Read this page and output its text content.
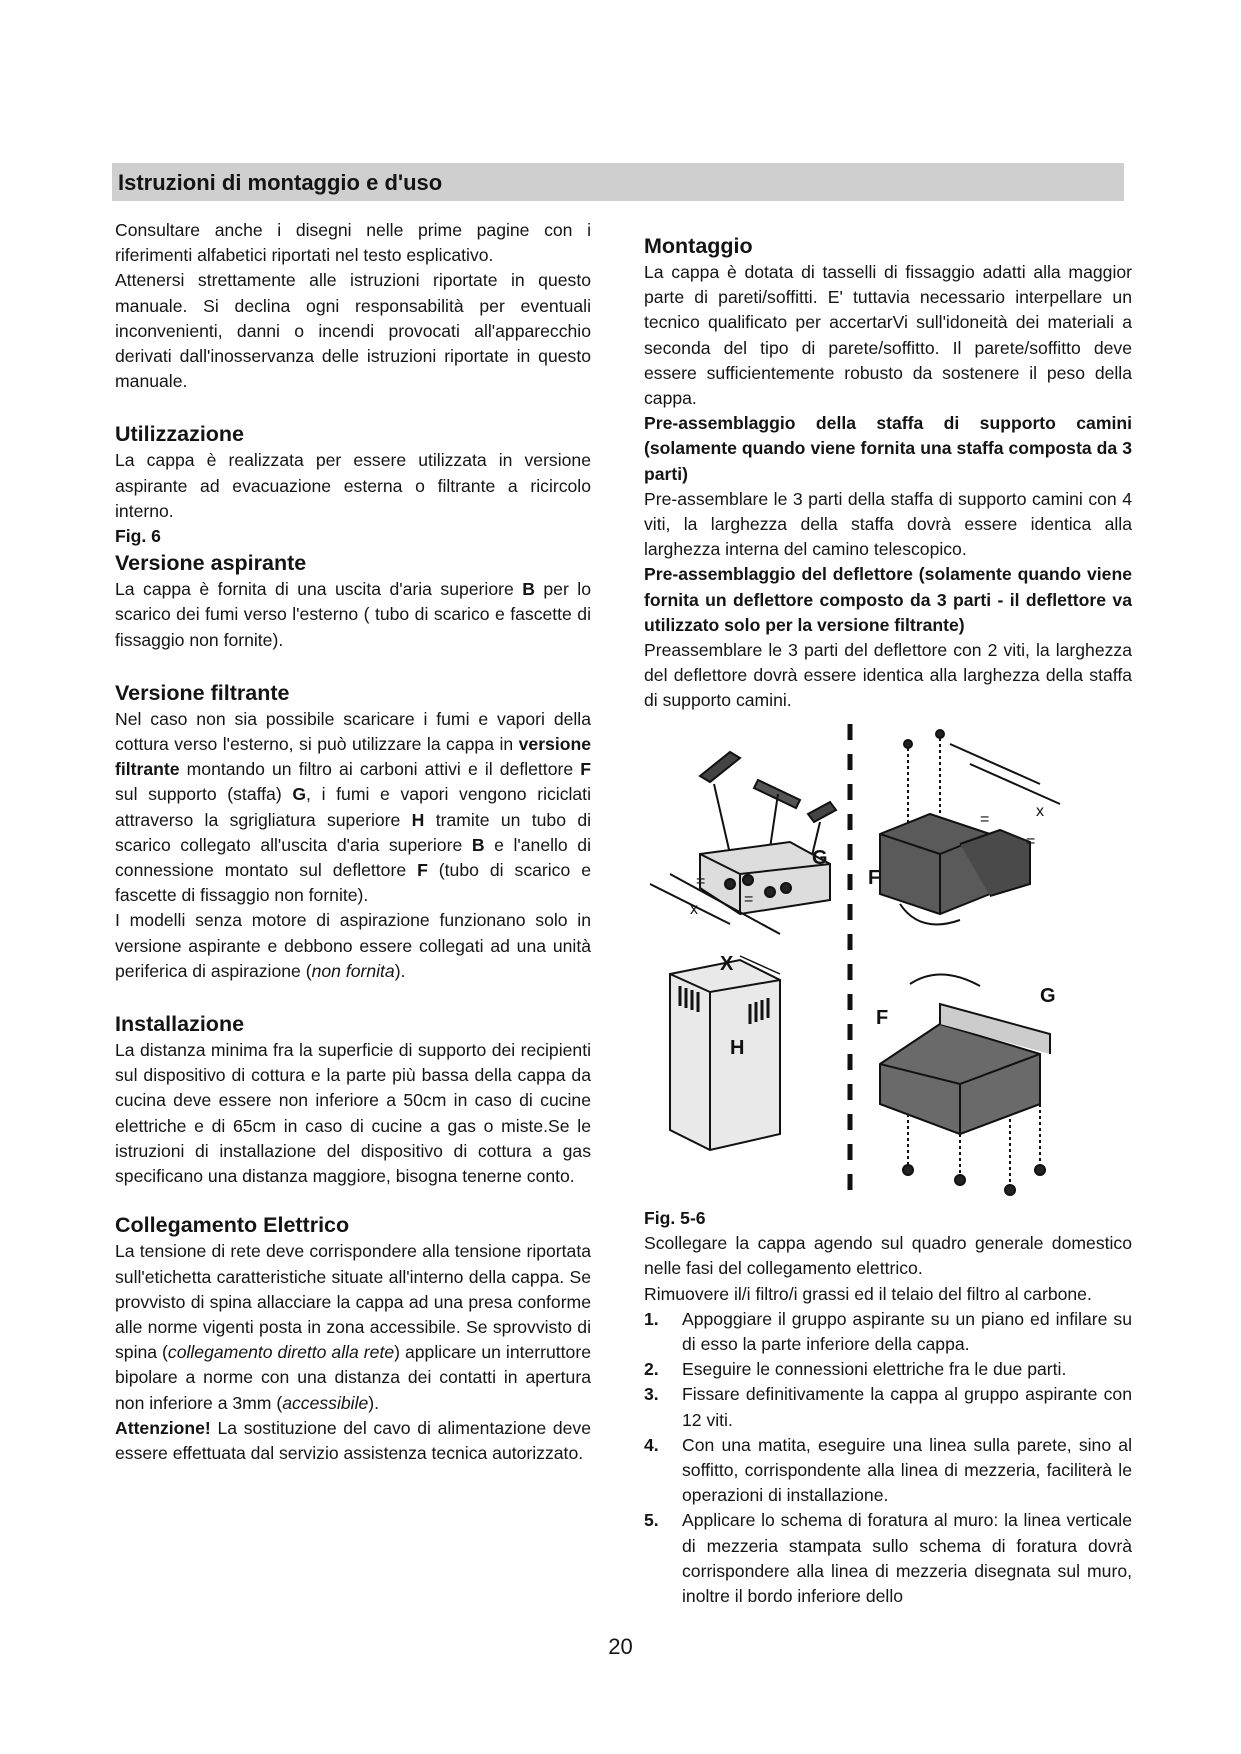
Istruzioni di montaggio e d'uso

Consultare anche i disegni nelle prime pagine con i riferimenti alfabetici riportati nel testo esplicativo.

Attenersi strettamente alle istruzioni riportate in questo manuale. Si declina ogni responsabilità per eventuali inconvenienti, danni o incendi provocati all'apparecchio derivati dall'inosservanza delle istruzioni riportate in questo manuale.

Utilizzazione

La cappa è realizzata per essere utilizzata in versione aspirante ad evacuazione esterna o filtrante a ricircolo interno.

Fig. 6
Versione aspirante

La cappa è fornita di una uscita d'aria superiore B per lo scarico dei fumi verso l'esterno ( tubo di scarico e fascette di fissaggio non fornite).

Versione filtrante

Nel caso non sia possibile scaricare i fumi e vapori della cottura verso l'esterno, si può utilizzare la cappa in versione filtrante montando un filtro ai carboni attivi e il deflettore F sul supporto (staffa) G, i fumi e vapori vengono riciclati attraverso la sgrigliatura superiore H tramite un tubo di scarico collegato all'uscita d'aria superiore B e l'anello di connessione montato sul deflettore F (tubo di scarico e fascette di fissaggio non fornite).

I modelli senza motore di aspirazione funzionano solo in versione aspirante e debbono essere collegati ad una unità periferica di aspirazione (non fornita).

Installazione

La distanza minima fra la superficie di supporto dei recipienti sul dispositivo di cottura e la parte più bassa della cappa da cucina deve essere non inferiore a 50cm in caso di cucine elettriche e di 65cm in caso di cucine a gas o miste.Se le istruzioni di installazione del dispositivo di cottura a gas specificano una distanza maggiore, bisogna tenerne conto.

Collegamento Elettrico

La tensione di rete deve corrispondere alla tensione riportata sull'etichetta caratteristiche situate all'interno della cappa. Se provvisto di spina allacciare la cappa ad una presa conforme alle norme vigenti posta in zona accessibile. Se sprovvisto di spina (collegamento diretto alla rete) applicare un interruttore bipolare a norme con una distanza dei contatti in apertura non inferiore a 3mm (accessibile).

Attenzione! La sostituzione del cavo di alimentazione deve essere effettuata dal servizio assistenza tecnica autorizzato.

Montaggio

La cappa è dotata di tasselli di fissaggio adatti alla maggior parte di pareti/soffitti. E' tuttavia necessario interpellare un tecnico qualificato per accertarVi sull'idoneità dei materiali a seconda del tipo di parete/soffitto. Il parete/soffitto deve essere sufficientemente robusto da sostenere il peso della cappa.

Pre-assemblaggio della staffa di supporto camini (solamente quando viene fornita una staffa composta da 3 parti)

Pre-assemblare le 3 parti della staffa di supporto camini con 4 viti, la larghezza della staffa dovrà essere identica alla larghezza interna del camino telescopico.

Pre-assemblaggio del deflettore (solamente quando viene fornita un deflettore composto da 3 parti - il deflettore va utilizzato solo per la versione filtrante)

Preassemblare le 3 parti del deflettore con 2 viti, la larghezza del deflettore dovrà essere identica alla larghezza della staffa di supporto camini.

G
F
X
H
F
G
x
x
=
=
=
=
Fig. 5-6

Scollegare la cappa agendo sul quadro generale domestico nelle fasi del collegamento elettrico.

Rimuovere il/i filtro/i grassi ed il telaio del filtro al carbone.

1. Appoggiare il gruppo aspirante su un piano ed infilare su di esso la parte inferiore della cappa.
2. Eseguire le connessioni elettriche fra le due parti.
3. Fissare definitivamente la cappa al gruppo aspirante con 12 viti.
4. Con una matita, eseguire una linea sulla parete, sino al soffitto, corrispondente alla linea di mezzeria, faciliterà le operazioni di installazione.
5. Applicare lo schema di foratura al muro: la linea verticale di mezzeria stampata sullo schema di foratura dovrà corrispondere alla linea di mezzeria disegnata sul muro, inoltre il bordo inferiore dello
20
